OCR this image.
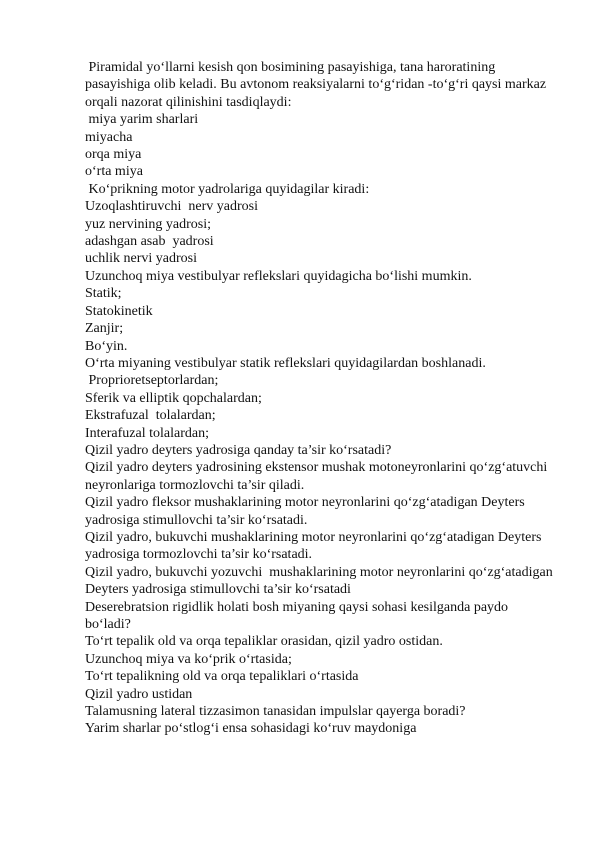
Piramidal yo‘llarni kesish qon bosimining pasayishiga, tana haroratining
pasayishiga olib keladi. Bu avtonom reaksiyalarni to‘g‘ridan -to‘g‘ri qaysi markaz
orqali nazorat qilinishini tasdiqlaydi:
miya yarim sharlari
miyacha
orqa miya
o‘rta miya
Ko‘prikning motor yadrolariga quyidagilar kiradi:
Uzoqlashtiruvchi  nerv yadrosi
yuz nervining yadrosi;
adashgan asab  yadrosi
uchlik nervi yadrosi
Uzunchoq miya vestibulyar reflekslari quyidagicha bo‘lishi mumkin.
Statik;
Statokinetik
Zanjir;
Bo‘yin.
O‘rta miyaning vestibulyar statik reflekslari quyidagilardan boshlanadi.
Proprioretseptorlardan;
Sferik va elliptik qopchalardan;
Ekstrafuzal  tolalardan;
Interafuzal tolalardan;
Qizil yadro deyters yadrosiga qanday ta’sir ko‘rsatadi?
Qizil yadro deyters yadrosining ekstensor mushak motoneyronlarini qo‘zg‘atuvchi
neyronlariga tormozlovchi ta’sir qiladi.
Qizil yadro fleksor mushaklarining motor neyronlarini qo‘zg‘atadigan Deyters
yadrosiga stimullovchi ta’sir ko‘rsatadi.
Qizil yadro, bukuvchi mushaklarining motor neyronlarini qo‘zg‘atadigan Deyters
yadrosiga tormozlovchi ta’sir ko‘rsatadi.
Qizil yadro, bukuvchi yozuvchi  mushaklarining motor neyronlarini qo‘zg‘atadigan
Deyters yadrosiga stimullovchi ta’sir ko‘rsatadi
Deserebratsion rigidlik holati bosh miyaning qaysi sohasi kesilganda paydo
bo‘ladi?
To‘rt tepalik old va orqa tepaliklar orasidan, qizil yadro ostidan.
Uzunchoq miya va ko‘prik o‘rtasida;
To‘rt tepalikning old va orqa tepaliklari o‘rtasida
Qizil yadro ustidan
Talamusning lateral tizzasimon tanasidan impulslar qayerga boradi?
Yarim sharlar po‘stlog‘i ensa sohasidagi ko‘ruv maydoniga
